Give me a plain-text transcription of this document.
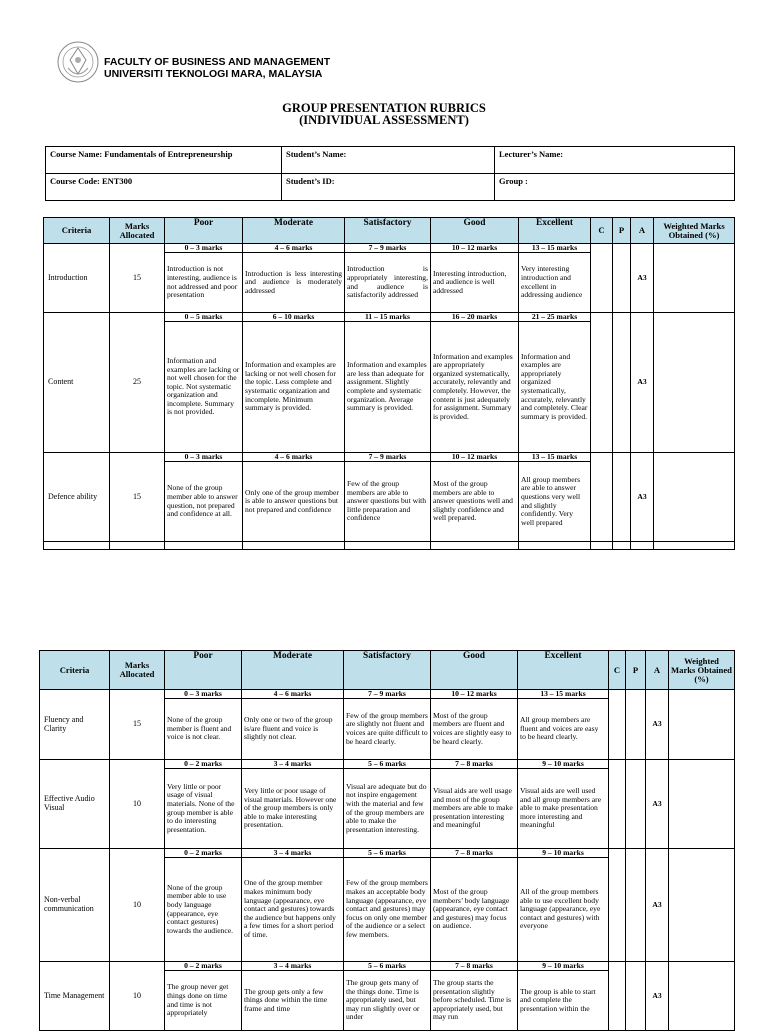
FACULTY OF BUSINESS AND MANAGEMENT
UNIVERSITI TEKNOLOGI MARA, MALAYSIA
GROUP PRESENTATION RUBRICS
(INDIVIDUAL ASSESSMENT)
Course Name: Fundamentals of Entrepreneurship	Student’s Name:	Lecturer’s Name:
Course Code: ENT300	Student’s ID:	Group :
Criteria	Marks Allocated	Poor	Moderate	Satisfactory	Good	Excellent	C	P	A	Weighted Marks Obtained (%)
Introduction	15	0 – 3 marks	4 – 6 marks	7 – 9 marks	10 – 12 marks	13 – 15 marks			A3	
		Introduction is not interesting, audience is not addressed and poor presentation	Introduction is less interesting and audience is moderately addressed	Introduction is appropriately interesting, and audience is satisfactorily addressed	Interesting introduction, and audience is well addressed	Very interesting introduction and excellent in addressing audience				
Content	25	0 – 5 marks	6 – 10 marks	11 – 15 marks	16 – 20 marks	21 – 25 marks			A3	
		Information and examples are lacking or not well chosen for the topic. Not systematic organization and incomplete. Summary is not provided.	Information and examples are lacking or not well chosen for the topic. Less complete and systematic organization and incomplete. Minimum summary is provided.	Information and examples are less than adequate for assignment. Slightly complete and systematic organization. Average summary is provided.	Information and examples are appropriately organized systematically, accurately, relevantly and completely. However, the content is just adequately for assignment. Summary is provided.	Information and examples are appropriately organized systematically, accurately, relevantly and completely. Clear summary is provided.				
Defence ability	15	0 – 3 marks	4 – 6 marks	7 – 9 marks	10 – 12 marks	13 – 15 marks			A3	
		None of the group member able to answer question, not prepared and confidence at all.	Only one of the group member is able to answer questions but not prepared and confidence	Few of the group members are able to answer questions but with little preparation and confidence	Most of the group members are able to answer questions well and slightly confidence and well prepared.	All group members are able to answer questions very well and slightly confidently. Very well prepared				

Criteria	Marks Allocated	Poor	Moderate	Satisfactory	Good	Excellent	C	P	A	Weighted Marks Obtained (%)
Fluency and Clarity	15	0 – 3 marks	4 – 6 marks	7 – 9 marks	10 – 12 marks	13 – 15 marks			A3	
		None of the group member is fluent and voice is not clear.	Only one or two of the group is/are fluent and voice is slightly not clear.	Few of the group members are slightly not fluent and voices are quite difficult to be heard clearly.	Most of the group members are fluent and voices are slightly easy to be heard clearly.	All group members are fluent and voices are easy to be heard clearly.				
Effective Audio Visual	10	0 – 2 marks	3 – 4 marks	5 – 6 marks	7 – 8 marks	9 – 10 marks			A3	
		Very little or poor usage of visual materials. None of the group member is able to do interesting presentation.	Very little or poor usage of visual materials. However one of the group members is only able to make interesting presentation.	Visual are adequate but do not inspire engagement with the material and few of the group members are able to make the presentation interesting.	Visual aids are well usage and most of the group members are able to make presentation interesting and meaningful	Visual aids are well used and all group members are able to make presentation more interesting and meaningful				
Non-verbal communication	10	0 – 2 marks	3 – 4 marks	5 – 6 marks	7 – 8 marks	9 – 10 marks			A3	
		None of the group member able to use body language (appearance, eye contact gestures) towards the audience.	One of the group member makes minimum body language (appearance, eye contact and gestures) towards the audience but happens only a few times for a short period of time.	Few of the group members makes an acceptable body language (appearance, eye contact and gestures) may focus on only one member of the audience or a select few members.	Most of the group members’ body language (appearance, eye contact and gestures) may focus on audience.	All of the group members able to use excellent body language (appearance, eye contact and gestures) with everyone				
Time Management	10	0 – 2 marks	3 – 4 marks	5 – 6 marks	7 – 8 marks	9 – 10 marks			A3	
		The group never get things done on time and time is not appropriately	The group gets only a few things done within the time frame and time	The group gets many of the things done. Time is appropriately used, but may run slightly over or under	The group starts the presentation slightly before scheduled. Time is appropriately used, but may run	The group is able to start and complete the presentation within the				
